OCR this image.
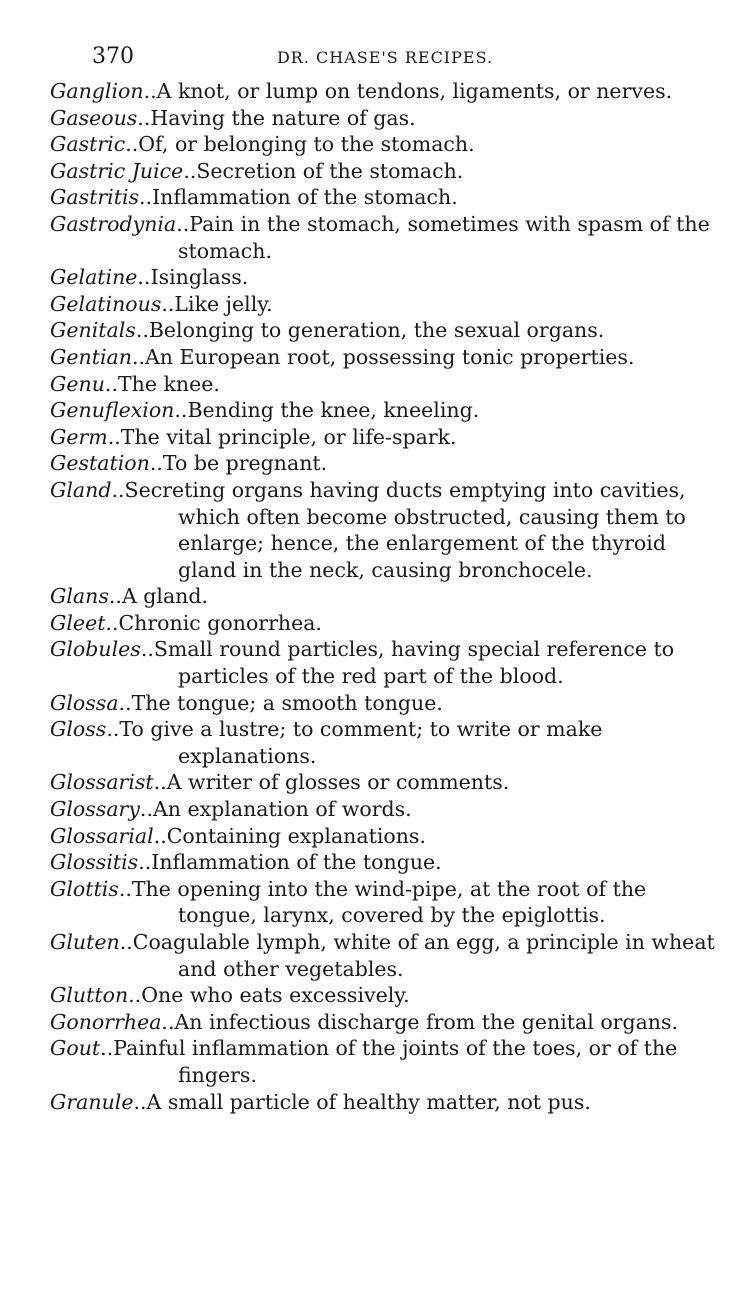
370	DR. CHASE'S RECIPES.
Ganglion..A knot, or lump on tendons, ligaments, or nerves.
Gaseous..Having the nature of gas.
Gastric..Of, or belonging to the stomach.
Gastric Juice..Secretion of the stomach.
Gastritis..Inflammation of the stomach.
Gastrodynia..Pain in the stomach, sometimes with spasm of the stomach.
Gelatine..Isinglass.
Gelatinous..Like jelly.
Genitals..Belonging to generation, the sexual organs.
Gentian..An European root, possessing tonic properties.
Genu..The knee.
Genuflexion..Bending the knee, kneeling.
Germ..The vital principle, or life-spark.
Gestation..To be pregnant.
Gland..Secreting organs having ducts emptying into cavities, which often become obstructed, causing them to enlarge; hence, the enlargement of the thyroid gland in the neck, causing bronchocele.
Glans..A gland.
Gleet..Chronic gonorrhea.
Globules..Small round particles, having special reference to particles of the red part of the blood.
Glossa..The tongue; a smooth tongue.
Gloss..To give a lustre; to comment; to write or make explanations.
Glossarist..A writer of glosses or comments.
Glossary..An explanation of words.
Glossarial..Containing explanations.
Glossitis..Inflammation of the tongue.
Glottis..The opening into the wind-pipe, at the root of the tongue, larynx, covered by the epiglottis.
Gluten..Coagulable lymph, white of an egg, a principle in wheat and other vegetables.
Glutton..One who eats excessively.
Gonorrhea..An infectious discharge from the genital organs.
Gout..Painful inflammation of the joints of the toes, or of the fingers.
Granule..A small particle of healthy matter, not pus.
